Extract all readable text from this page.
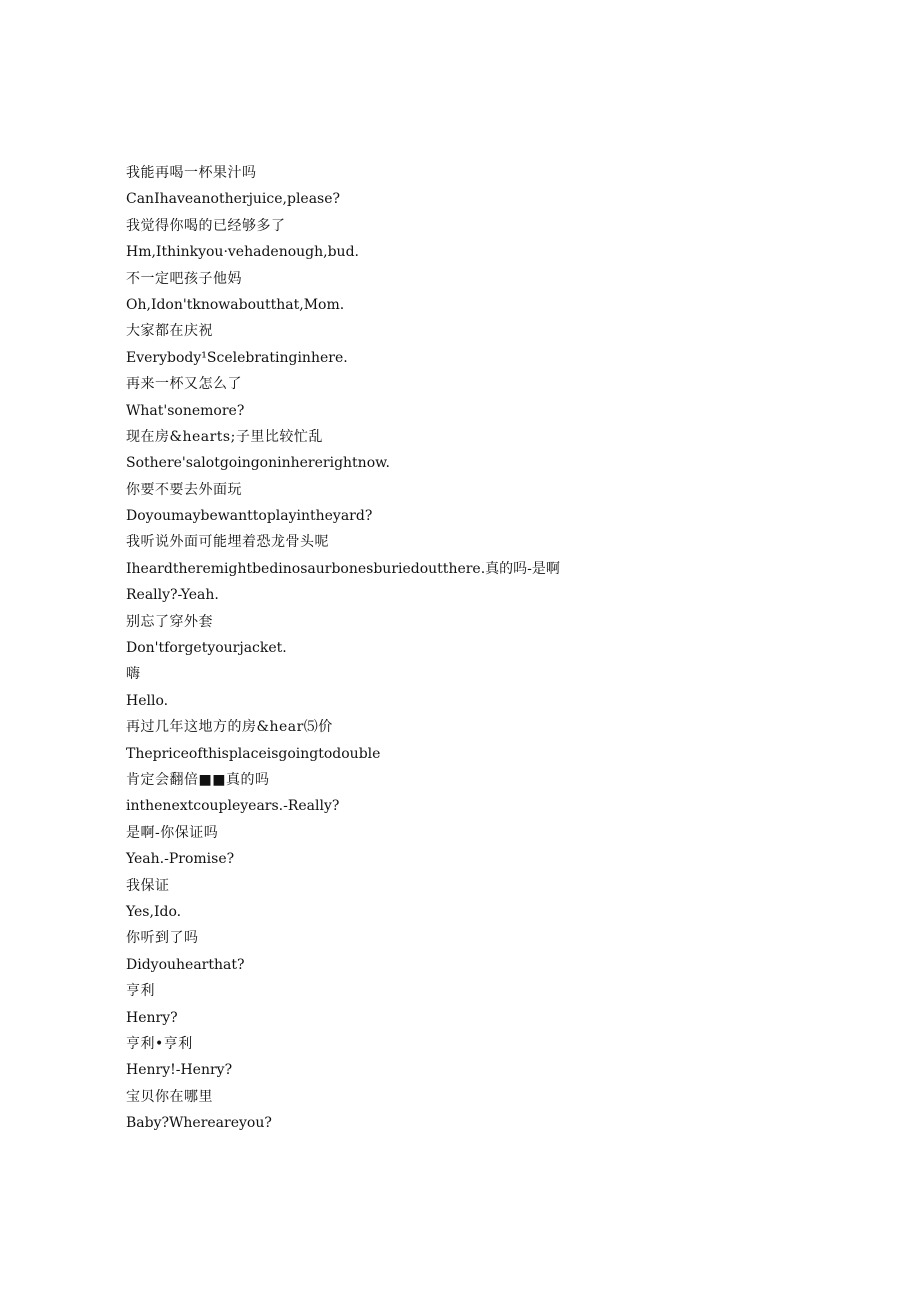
我能再喝一杯果汁吗
CanIhaveanotherjuice,please?
我觉得你喝的已经够多了
Hm,Ithinkyou·vehadenough,bud.
不一定吧孩子他妈
Oh,Idon'tknowaboutthat,Mom.
大家都在庆祝
Everybody¹Scelebratinginhere.
再来一杯又怎么了
What'sonemore?
现在房&hearts;子里比较忙乱
Sothere'salotgoingoninhererightnow.
你要不要去外面玩
Doyoumaybewanttoplayintheyard?
我听说外面可能埋着恐龙骨头呢
Iheardtheremightbedinosaurbonesburiedoutthere.真的吗-是啊
Really?-Yeah.
别忘了穿外套
Don'tforgetyourjacket.
嗨
Hello.
再过几年这地方的房&hear⑸价
Thepriceofthisplaceisgoingtodouble
肯定会翻倍■■真的吗
inthenextcoupleyears.-Really?
是啊-你保证吗
Yeah.-Promise?
我保证
Yes,Ido.
你听到了吗
Didyouhearthat?
亨利
Henry?
亨利•亨利
Henry!-Henry?
宝贝你在哪里
Baby?Whereareyou?
